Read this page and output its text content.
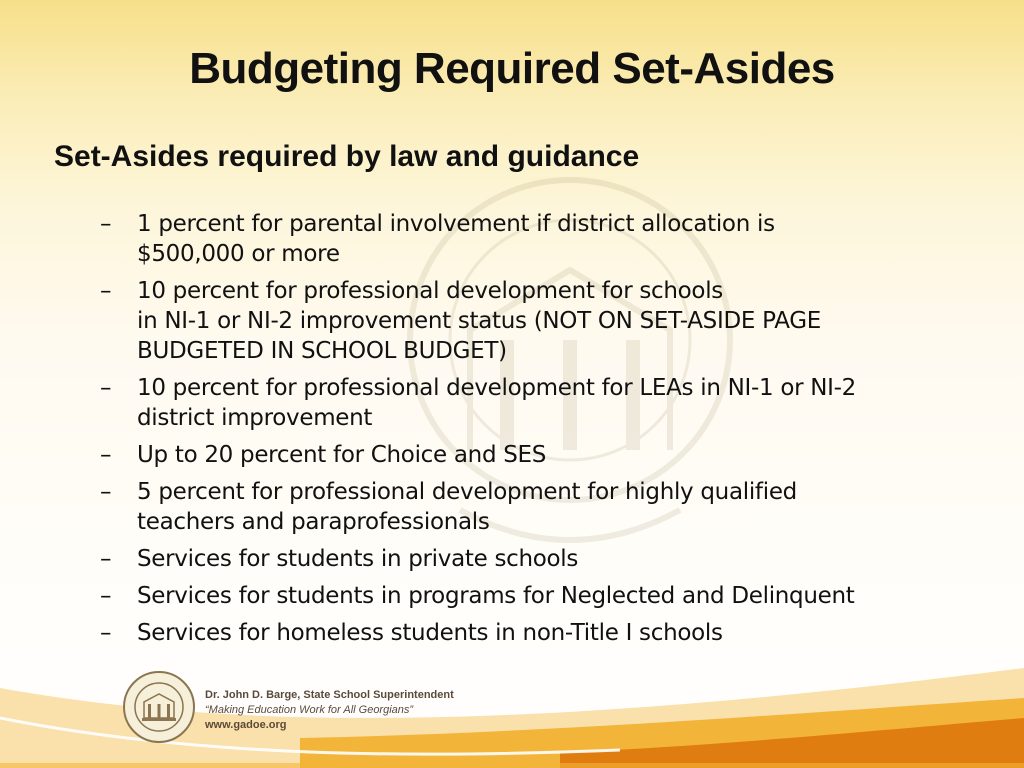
Budgeting Required Set-Asides
Set-Asides required by law and guidance
– 1 percent for parental involvement if district allocation is
$500,000 or more
– 10 percent for professional development for schools
in NI-1 or NI-2 improvement status (NOT ON SET-ASIDE PAGE
BUDGETED IN SCHOOL BUDGET)
– 10 percent for professional development for LEAs in NI-1 or NI-2
district improvement
– Up to 20 percent for Choice and SES
– 5 percent for professional development for highly qualified
teachers and paraprofessionals
– Services for students in private schools
– Services for students in programs for Neglected and Delinquent
– Services for homeless students in non-Title I schools
Dr. John D. Barge, State School Superintendent
“Making Education Work for All Georgians”
www.gadoe.org
